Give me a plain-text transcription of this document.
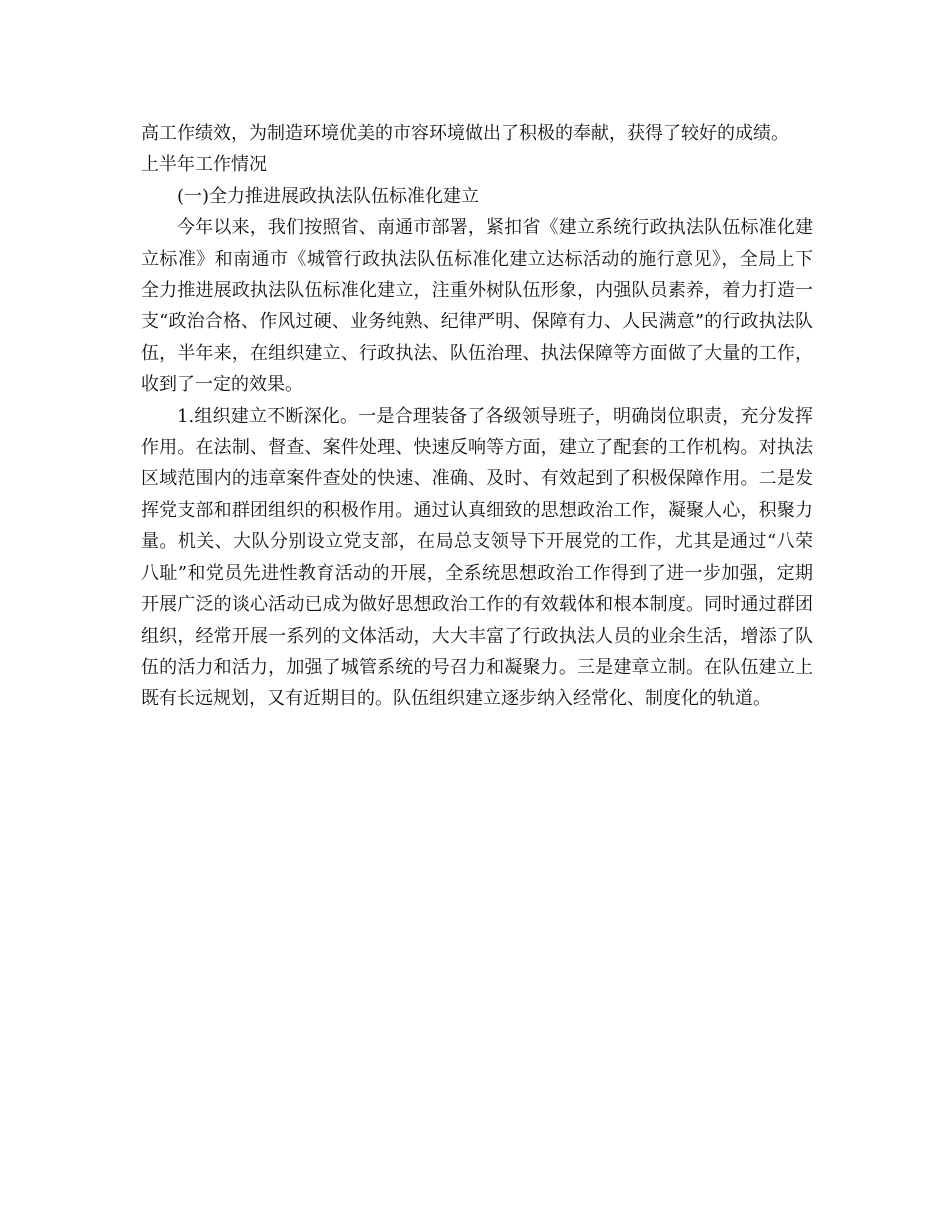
高工作绩效，为制造环境优美的市容环境做出了积极的奉献，获得了较好的成绩。

上半年工作情况

(一)全力推进展政执法队伍标准化建立

今年以来，我们按照省、南通市部署，紧扣省《建立系统行政执法队伍标准化建立标准》和南通市《城管行政执法队伍标准化建立达标活动的施行意见》，全局上下全力推进展政执法队伍标准化建立，注重外树队伍形象，内强队员素养，着力打造一支“政治合格、作风过硬、业务纯熟、纪律严明、保障有力、人民满意”的行政执法队伍，半年来，在组织建立、行政执法、队伍治理、执法保障等方面做了大量的工作，收到了一定的效果。

1.组织建立不断深化。一是合理装备了各级领导班子，明确岗位职责，充分发挥作用。在法制、督查、案件处理、快速反响等方面，建立了配套的工作机构。对执法区域范围内的违章案件查处的快速、准确、及时、有效起到了积极保障作用。二是发挥党支部和群团组织的积极作用。通过认真细致的思想政治工作，凝聚人心，积聚力量。机关、大队分别设立党支部，在局总支领导下开展党的工作，尤其是通过“八荣八耻”和党员先进性教育活动的开展，全系统思想政治工作得到了进一步加强，定期开展广泛的谈心活动已成为做好思想政治工作的有效载体和根本制度。同时通过群团组织，经常开展一系列的文体活动，大大丰富了行政执法人员的业余生活，增添了队伍的活力和活力，加强了城管系统的号召力和凝聚力。三是建章立制。在队伍建立上既有长远规划，又有近期目的。队伍组织建立逐步纳入经常化、制度化的轨道。
